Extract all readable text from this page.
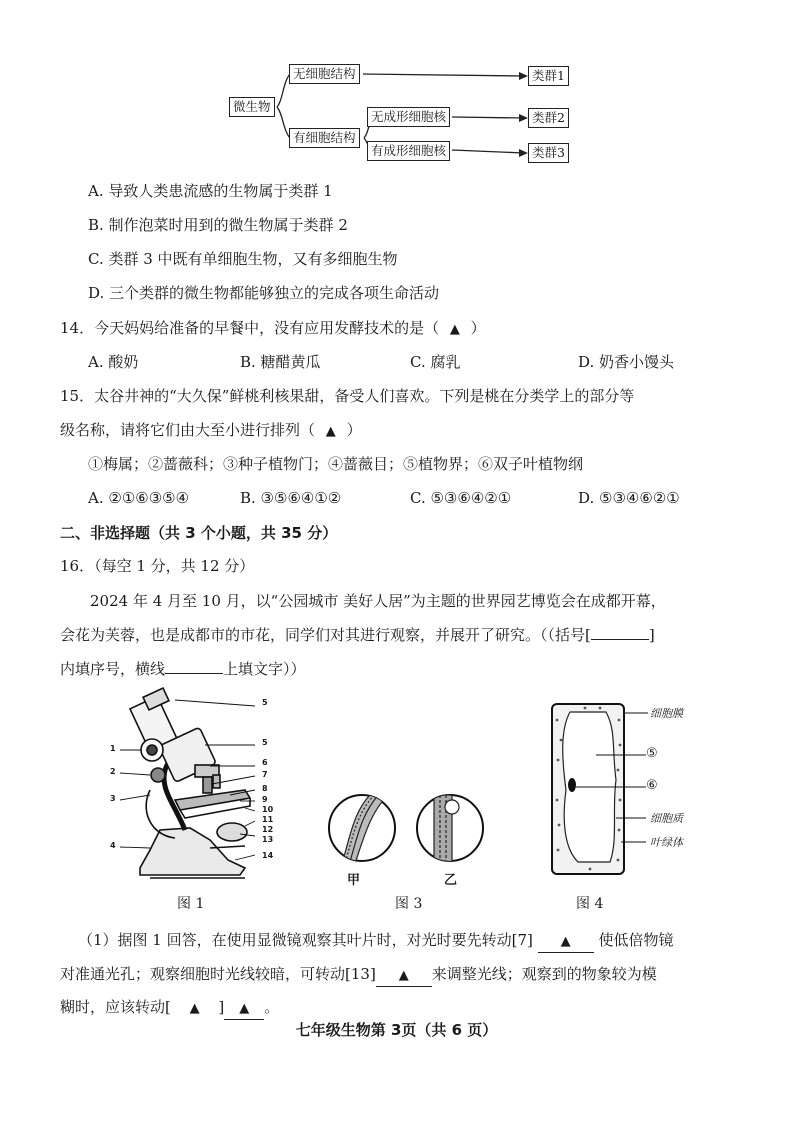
微生物
无细胞结构
有细胞结构
无成形细胞核
有成形细胞核
类群1
类群2
类群3
A. 导致人类患流感的生物属于类群 1
B. 制作泡菜时用到的微生物属于类群 2
C. 类群 3 中既有单细胞生物，又有多细胞生物
D. 三个类群的微生物都能够独立的完成各项生命活动
14．今天妈妈给准备的早餐中，没有应用发酵技术的是（ ▲ ）
A. 酸奶	B. 糖醋黄瓜	C. 腐乳	D. 奶香小馒头
15．太谷井神的“大久保”鲜桃利核果甜，备受人们喜欢。下列是桃在分类学上的部分等
级名称，请将它们由大至小进行排列（ ▲ ）
①梅属；②蔷薇科；③种子植物门；④蔷薇目；⑤植物界；⑥双子叶植物纲
A. ②①⑥③⑤④	B. ③⑤⑥④①②	C. ⑤③⑥④②①	D. ⑤③④⑥②①
二、非选择题（共 3 个小题，共 35 分）
16．（每空 1 分，共 12 分）
2024 年 4 月至 10 月，以“公园城市 美好人居”为主题的世界园艺博览会在成都开幕，
会花为芙蓉，也是成都市的市花，同学们对其进行观察，并展开了研究。（（括号[	]
内填序号，横线	上填文字））
5
5
6
7
8
9
10
11
12
13
14
1
2
3
4
图 1
甲	乙
图 3
细胞膜
⑤
⑥
细胞质
叶绿体
图 4
（1）据图 1 回答，在使用显微镜观察其叶片时，对光时要先转动[7] ▲ 使低倍物镜
对准通光孔；观察细胞时光线较暗，可转动[13] ▲ 来调整光线；观察到的物象较为模
糊时，应该转动[ ▲ ] ▲ 。
七年级生物第 3页（共 6 页）
